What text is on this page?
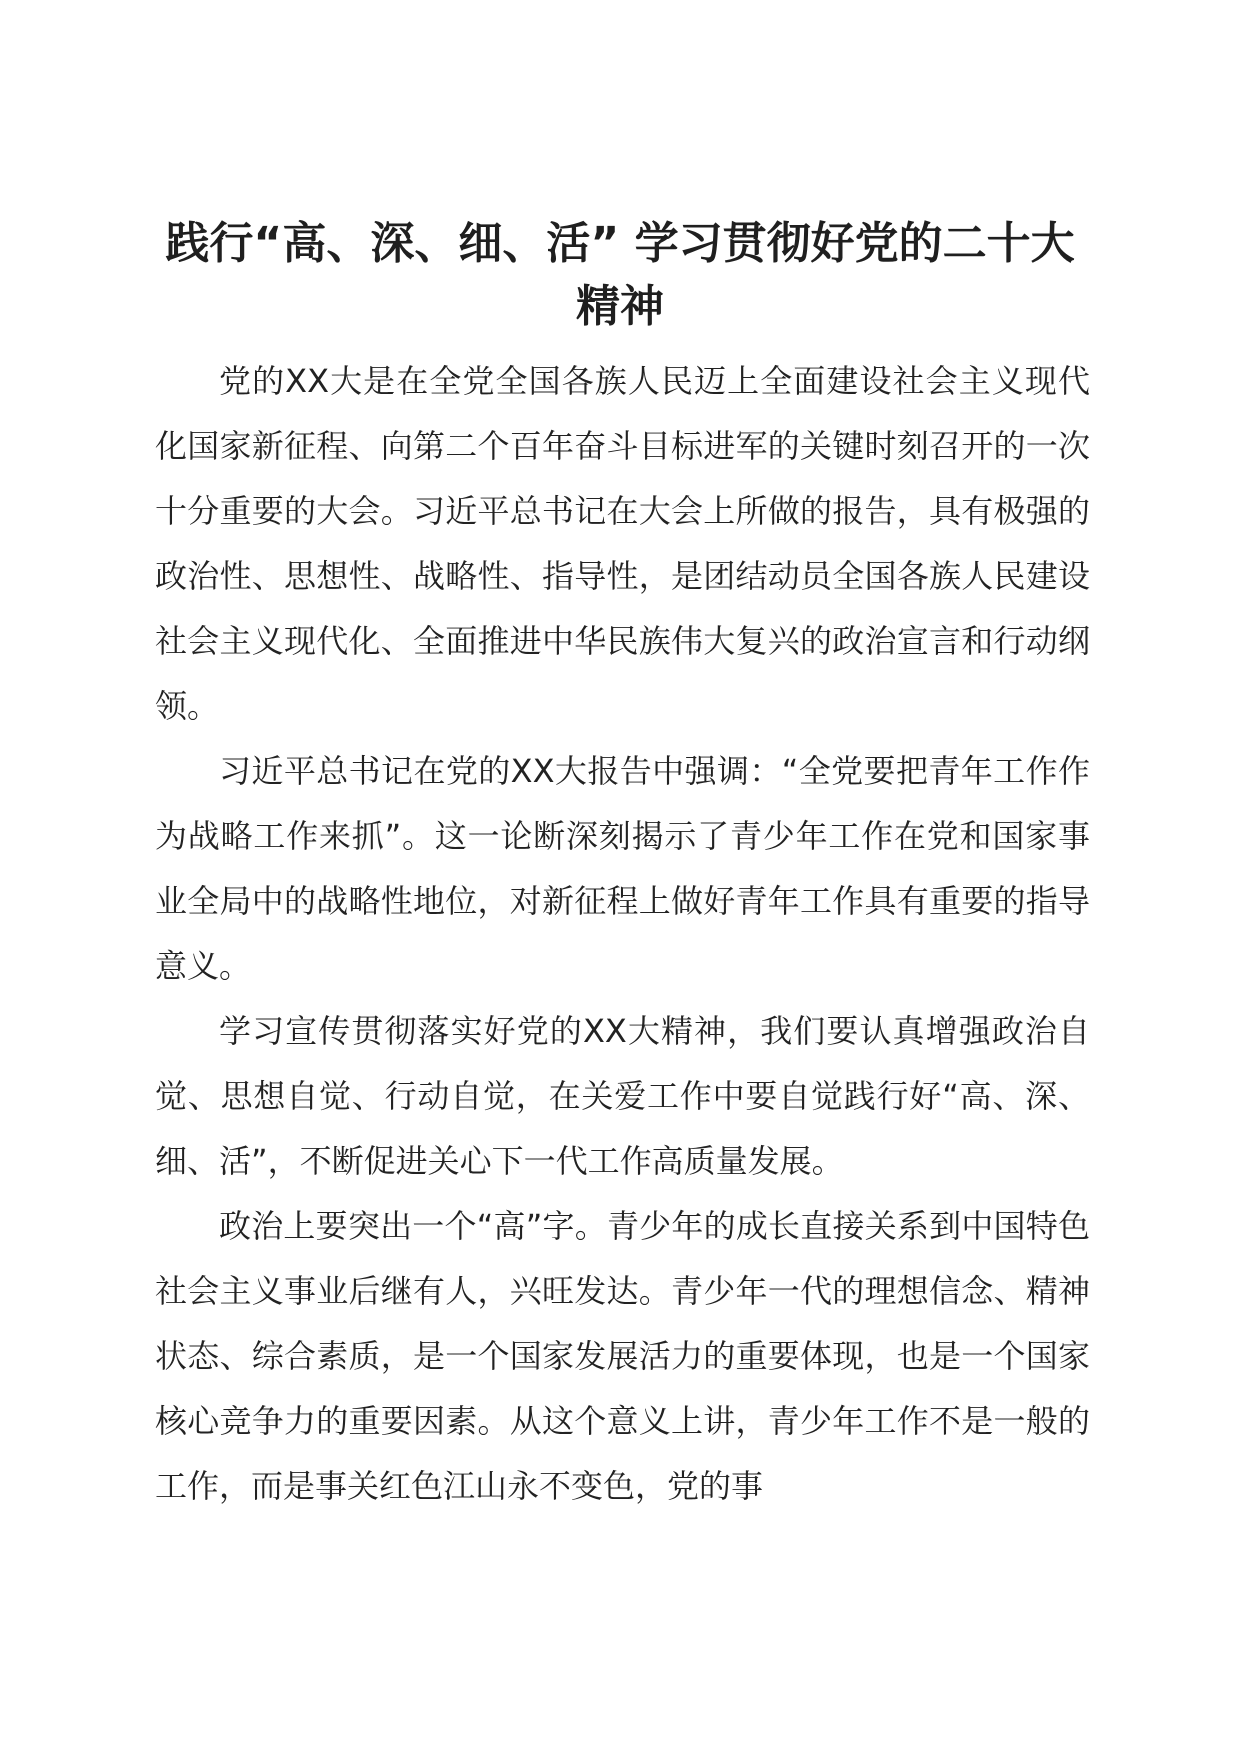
践行“高、深、细、活” 学习贯彻好党的二十大精神

党的XX大是在全党全国各族人民迈上全面建设社会主义现代化国家新征程、向第二个百年奋斗目标进军的关键时刻召开的一次十分重要的大会。习近平总书记在大会上所做的报告，具有极强的政治性、思想性、战略性、指导性，是团结动员全国各族人民建设社会主义现代化、全面推进中华民族伟大复兴的政治宣言和行动纲领。

习近平总书记在党的XX大报告中强调：“全党要把青年工作作为战略工作来抓”。这一论断深刻揭示了青少年工作在党和国家事业全局中的战略性地位，对新征程上做好青年工作具有重要的指导意义。

学习宣传贯彻落实好党的XX大精神，我们要认真增强政治自觉、思想自觉、行动自觉，在关爱工作中要自觉践行好“高、深、细、活”，不断促进关心下一代工作高质量发展。

政治上要突出一个“高”字。青少年的成长直接关系到中国特色社会主义事业后继有人，兴旺发达。青少年一代的理想信念、精神状态、综合素质，是一个国家发展活力的重要体现，也是一个国家核心竞争力的重要因素。从这个意义上讲，青少年工作不是一般的工作，而是事关红色江山永不变色，党的事
